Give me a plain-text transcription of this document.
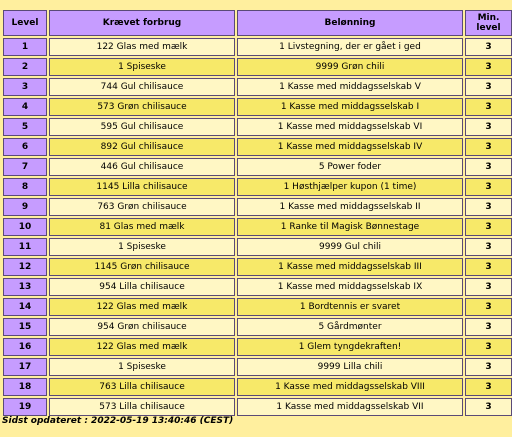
Level	Krævet forbrug	Belønning	Min.
level
1	122 Glas med mælk	1 Livstegning, der er gået i ged	3
2	1 Spiseske	9999 Grøn chili	3
3	744 Gul chilisauce	1 Kasse med middagsselskab V	3
4	573 Grøn chilisauce	1 Kasse med middagsselskab I	3
5	595 Gul chilisauce	1 Kasse med middagsselskab VI	3
6	892 Gul chilisauce	1 Kasse med middagsselskab IV	3
7	446 Gul chilisauce	5 Power foder	3
8	1145 Lilla chilisauce	1 Høsthjælper kupon (1 time)	3
9	763 Grøn chilisauce	1 Kasse med middagsselskab II	3
10	81 Glas med mælk	1 Ranke til Magisk Bønnestage	3
11	1 Spiseske	9999 Gul chili	3
12	1145 Grøn chilisauce	1 Kasse med middagsselskab III	3
13	954 Lilla chilisauce	1 Kasse med middagsselskab IX	3
14	122 Glas med mælk	1 Bordtennis er svaret	3
15	954 Grøn chilisauce	5 Gårdmønter	3
16	122 Glas med mælk	1 Glem tyngdekraften!	3
17	1 Spiseske	9999 Lilla chili	3
18	763 Lilla chilisauce	1 Kasse med middagsselskab VIII	3
19	573 Lilla chilisauce	1 Kasse med middagsselskab VII	3
Sidst opdateret : 2022-05-19 13:40:46 (CEST)
